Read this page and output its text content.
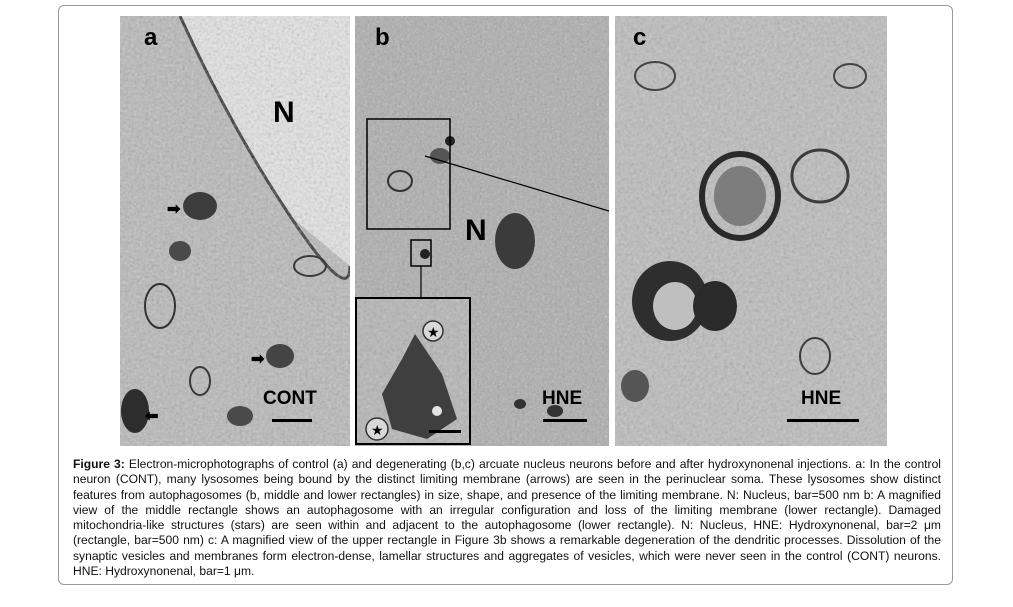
a
N
➡
➡
⬅
CONT
b
N
★
★
HNE
c
HNE

Figure 3: Electron-microphotographs of control (a) and degenerating (b,c) arcuate nucleus neurons before and after hydroxynonenal injections. a: In the control neuron (CONT), many lysosomes being bound by the distinct limiting membrane (arrows) are seen in the perinuclear soma. These lysosomes show distinct features from autophagosomes (b, middle and lower rectangles) in size, shape, and presence of the limiting membrane. N: Nucleus, bar=500 nm b: A magnified view of the middle rectangle shows an autophagosome with an irregular configuration and loss of the limiting membrane (lower rectangle). Damaged mitochondria-like structures (stars) are seen within and adjacent to the autophagosome (lower rectangle). N: Nucleus, HNE: Hydroxynonenal, bar=2 μm (rectangle, bar=500 nm) c: A magnified view of the upper rectangle in Figure 3b shows a remarkable degeneration of the dendritic processes. Dissolution of the synaptic vesicles and membranes form electron-dense, lamellar structures and aggregates of vesicles, which were never seen in the control (CONT) neurons. HNE: Hydroxynonenal, bar=1 μm.
